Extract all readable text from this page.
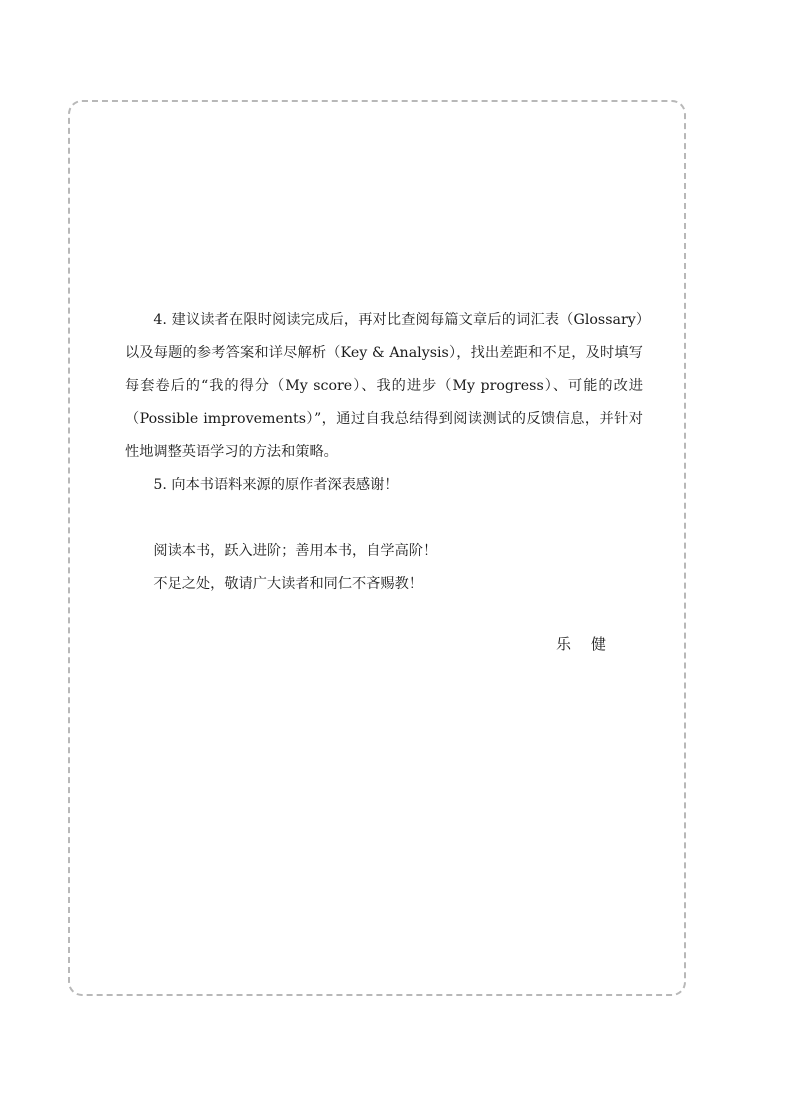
4. 建议读者在限时阅读完成后，再对比查阅每篇文章后的词汇表（Glossary）以及每题的参考答案和详尽解析（Key & Analysis），找出差距和不足，及时填写每套卷后的“我的得分（My score）、我的进步（My progress）、可能的改进（Possible improvements）”，通过自我总结得到阅读测试的反馈信息，并针对性地调整英语学习的方法和策略。

5. 向本书语料来源的原作者深表感谢！

阅读本书，跃入进阶；善用本书，自学高阶！

不足之处，敬请广大读者和同仁不吝赐教！

乐健
